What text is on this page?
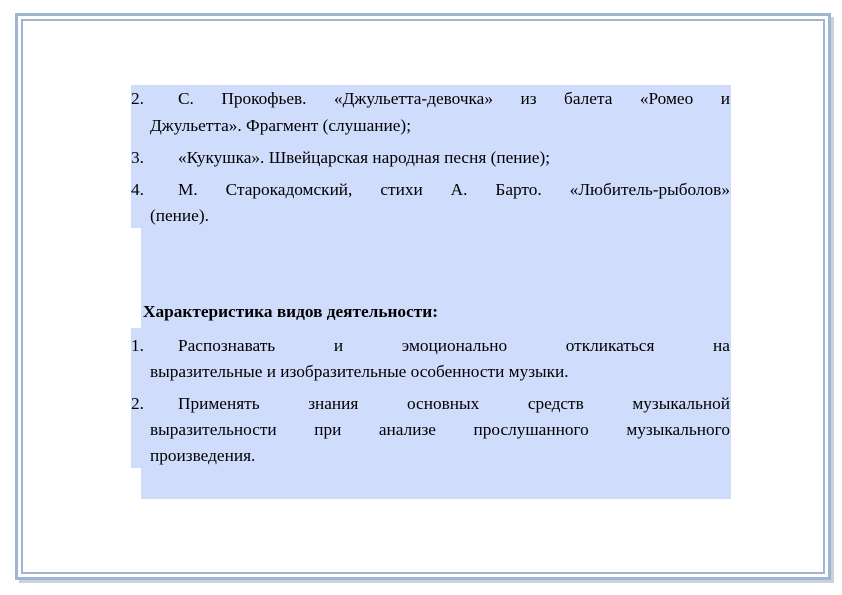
2. С. Прокофьев. «Джульетта-девочка» из балета «Ромео и
Джульетта». Фрагмент (слушание);
3. «Кукушка». Швейцарская народная песня (пение);
4. М. Старокадомский, стихи А. Барто. «Любитель-рыболов»
(пение).
Характеристика видов деятельности:
1. Распознавать	и	эмоционально	откликаться	на
выразительные и изобразительные особенности музыки.
2. Применять	знания	основных	средств	музыкальной
выразительности при анализе прослушанного музыкального
произведения.
